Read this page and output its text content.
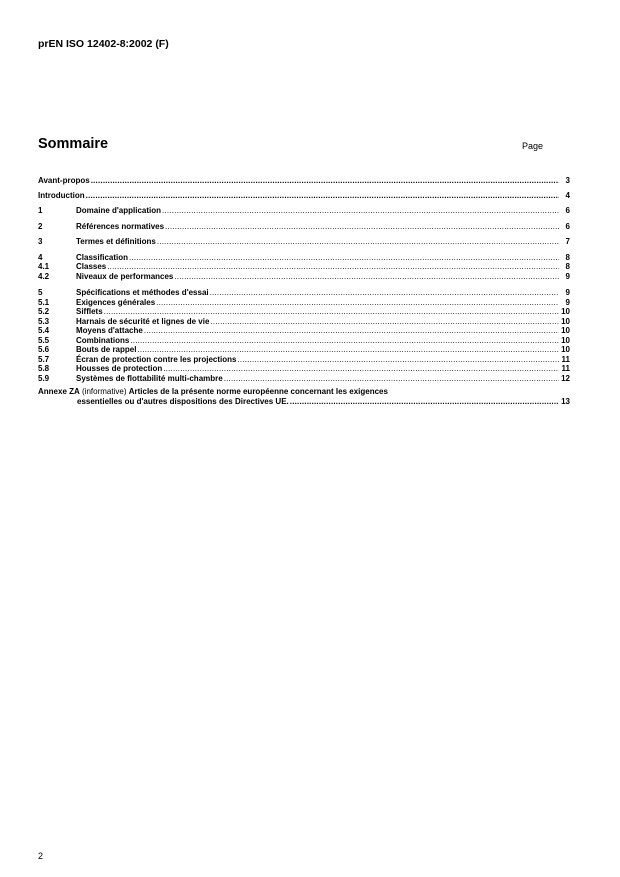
prEN ISO 12402-8:2002 (F)
Sommaire	Page
Avant-propos .....	3
Introduction .....	4
1	Domaine d'application .....	6
2	Références normatives .....	6
3	Termes et définitions .....	7
4	Classification .....	8
4.1	Classes .....	8
4.2	Niveaux de performances .....	9
5	Spécifications et méthodes d'essai .....	9
5.1	Exigences générales .....	9
5.2	Sifflets .....	10
5.3	Harnais de sécurité et lignes de vie .....	10
5.4	Moyens d'attache .....	10
5.5	Combinations .....	10
5.6	Bouts de rappel .....	10
5.7	Écran de protection contre les projections .....	11
5.8	Housses de protection .....	11
5.9	Systèmes de flottabilité multi-chambre .....	12
Annexe ZA (informative) Articles de la présente norme européenne concernant les exigences
essentielles ou d'autres dispositions des Directives UE. .....	13
2
